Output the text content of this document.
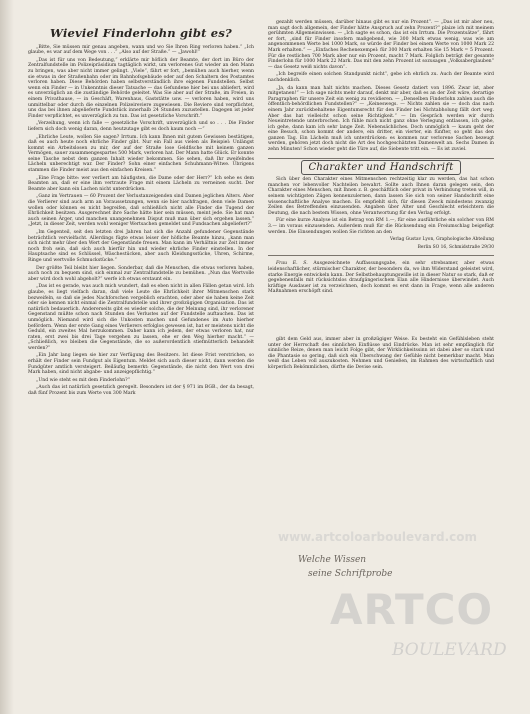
Wieviel Finderlohn gibt es?

„Bitte, Sie müssen mir genau angeben, wann und wo Sie Ihren Ring verloren haben.“ „Ich glaube, es war auf dem Wege von . . .“ „Also auf der Straße.“ — „Jawohl!“

„Das ist für uns von Bedeutung,“ erklärte mir höflich der Beamte, der dort im Büro der Zentralfundstelle im Polizeipräsidium tagtäglich wirkt, um verlorenes Gut wieder an den Mann zu bringen, was aber nicht immer gelingt. „Viele“, fährt er fort, „bemühen auch hierher, wenn sie etwas in der Straßenbahn oder im Bahnhofsgebäude oder auf den Schaltern des Postamtes verloren haben. Diese Behörden haben selbstverständlich ihre eigenen Fundstellen. Selbst wenn ein Finder — in Unkenntnis dieser Tatsache — das Gefundene hier bei uns abliefert, wird es unverzüglich an die zuständige Behörde geleitet. Was Sie aber auf der Straße, im Freien, in einem Privathause, — in Geschäft, Warenhaus, Gaststätte usw. — verloren haben, wird uns unmittelbar oder durch die einzelnen Polizeireviere zugewiesen. Die Reviere sind verpflichtet, uns das bei ihnen abgelieferte Fundstück innerhalb 24 Stunden zuzustellen. Dagegen ist jeder Finder verpflichtet, es unverzüglich zu tun. Das ist gesetzliche Vorschrift.“

„Verzeihung, wenn ich falle — gesetzliche Vorschrift, unverzüglich und so . . . Die Finder liefern sich doch wenig daran, denn heutzutage gibt es doch kaum noch —“

„Ehrliche Leute, wollen Sie sagen? Irrtum. Ich kann Ihnen mit gutem Gewissen bestätigen, daß es auch heute noch ehrliche Finder gibt. Nur ein Fall aus vielen als Beispiel: Unlängst kommt ein Arbeitslosen zu mir, der auf der Straße lose Geldfische mit keinem ganzen Vermögen, sauer zusammengespartes 500 Mark, verloren hat. Der Mann hatte Glück. Er konnte seine Tasche nebst dem ganzen Inhalt wieder bekommen. Sie sehen, daß Ihr zweifelndes Lächeln unberechtigt war. Der Finder? Sohn einer einfachen Schuhmann-Witwe. Übrigens stammen die Finder meist aus den einfachen Kreisen.“

„Eine Frage bitte: wer verliert am häufigsten, die Dame oder der Herr?“ Ich sehe es dem Beamten an, daß er eine ihm vertraute Frage mit einem Lächeln zu verneinen sucht. Der Beamte aber kann ein Lachen nicht unterdrücken.

„Ganz im Vertrauen — 60 Prozent der Verlustanzeigenden sind Damen jeglichen Alters. Aber die Verlierer sind auch arm an Voraussetzungen, wenn sie hier nachfragen, denn viele Damen wollen oder können es nicht begreifen, daß schließlich nicht alle Finder die Tugend der Ehrlichkeit besitzen. Ausgerechnet ihre Sache hätte hier sein müssen, meint jede. Sie hat man auch seinen Ärger, und manchen unangenehmen Disput muß man über sich ergehen lassen.“ „Jetzt, in dieser Zeit, werden wohl weniger Wertsachen gemeldet und Fundsachen abgeliefert?“

„Im Gegenteil, seit den letzten drei Jahren hat sich die Anzahl gefundener Gegenstände beträchtlich vervielfacht. Allerdings fügte etwas leiser der höfliche Beamte hinzu, „kann man sich nicht mehr über den Wert der Gegenstände freuen. Man kann im Verhältnis zur Zeit immer noch froh sein, daß sich auch hierfür hin und wieder ehrliche Finder einstellen. In der Hauptsache sind es Schlüssel, Wäschestücken, aber auch Kleidungsstücke, Uhren, Schirme, Ringe und wertvolle Schmuckstücke.“

Der größte Teil bleibt hier liegen. Sonderbar, daß die Menschen, die etwas verloren haben, auch noch zu bequem sind, sich einmal zur Zentralfundstelle zu bemühen. „Nun das Wertvolle aber wird doch wohl abgeholt?“ werfe ich etwas erstaunt ein.

„Das ist es gerade, was auch mich wundert, daß es eben nicht in allen Fällen getan wird. Ich glaube, es liegt vielfach daran, daß viele Leute die Ehrlichkeit ihrer Mitmenschen stark bezweifeln, so daß sie jedes Nachforschen vergeblich erachten, oder aber sie haben keine Zeit oder sie kennen nicht einmal die Zentralfundstelle und ihrer großzügigen Organisation. Das ist natürlich bedauerlich. Andererseits gibt es wieder solche, die der Meinung sind, ihr verlorener Gegenstand müßte schon nach Stunden des Verlustes auf der Fundstelle auftauchen. Das ist unmöglich. Niemand wird sich die Unkosten machen und Gefundenes im Auto hierher befördern. Wenn der erste Gang eines Verlierers erfolglos gewesen ist, hat er meistens nicht die Geduld, ein zweites Mal herzukommen. Daher kann ich jedem, der etwas verloren hat, nur raten, erst zwei bis drei Tage vergehen zu lassen, ehe er den Weg hierher macht.“ — „Schließlich, wo bleiben die Gegenstände, die so außerordentlich stiefmütterlich behandelt werden?“

„Ein Jahr lang liegen sie hier zur Verfügung des Besitzers. Ist diese Frist verstrichen, so erhält der Finder sein Fundgut als Eigentum. Meldet sich auch dieser nicht, dann werden die Fundgüter amtlich versteigert. Beiläufig bemerkt: Gegenstände, die nicht den Wert von drei Mark haben, sind nicht abgabe- und anzeigepflichtig.“

„Und wie steht es mit dem Finderlohn?“

„Auch das ist natürlich gesetzlich geregelt. Besonders ist der § 971 im BGB., der da besagt, daß fünf Prozent bis zum Werte von 300 Mark

gezahlt werden müssen, darüber hinaus gibt es nur ein Prozent“. — „Das ist mir aber neu, man sagt doch allgemein, der Finder hätte Anspruch auf zehn Prozent?“ plaize ich mit meinem gerühmten Allgemeinwissen. — „Ich sagte es schon, das ist ein Irrtum. Die Prozentsätze“, fährt er fort, „sind für Finder insofern maßgebend, wie 300 Mark etwas wenig, was wie am angenommenen Werte bei 1000 Mark, so würde der Finder bei einem Werte von 1000 Mark 22 Mark erhalten.“ — „Einfaches Rechenexempel: für 300 Mark erhalten Sie 15 Mark = 5 Prozent. Für die restlichen 700 Mark aber nur ein Prozent, macht 7 Mark. Folglich beträgt der gesamte Finderlohn für 1000 Mark 22 Mark. Das mit den zehn Prozent ist sozusagen „Volksaberglauben“ — das Gesetz weiß nichts davon“.

„Ich begreife einen solchen Standpunkt nicht“, gebe ich ehrlich zu. Auch der Beamte wird nachdenklich.

„Ja, da kann man halt nichts machen. Dieses Gesetz datiert von 1896. Zwar ist, aber mitgetanen!“ — Ich sage nichts mehr darauf, denkt mir aber, daß es an der Zeit wäre, derartige Paragraphen für unsere Zeit ein wenig zu revidieren. — „Denselben Finderlohn zahlen auch die öffentlich-behördlichen Fundstellen?“ — „Keineswegs. — Nichts zahlen sie — doch das nach einem Jahr zurückbehaltene Eigentumsrecht für den Finder bei Nichtabholung fällt dort weg. Aber das hat vielleicht schon seine Richtigkeit.“ — Im Gespräch werden wir durch Neueintretende unterbrochen. Ich fühle mich nicht ganz ohne Verlegung entlassen, ich gehe, ich gehe, dann kam ich sehr lange Zeit. Nebensächliches. Doch unmöglich — kaum geht der eine Besuch, schon kommt der andere, ein dritter, ein vierter, ein fünfter, so geht das den ganzen Tag. Ein Lächeln muß ich unterdrücken: es kommen nur verlorene Sachen bezeugt werden, gehören jetzt doch nicht die Art des hochgeschätzten Damenwelt an. Sechs Damen in zehn Minuten! Schon wieder geht die Türe auf, die Siebente tritt ein. — Es ist zuviel.

Charakter und Handschrift

Sich über den Charakter eines Mitmenschen rechtzeitig klar zu werden, das hat schon manchen vor lebenvoller Nachteilen bewahrt. Sollte auch Ihnen daran gelegen sein, den Charakter eines Menschen, mit Ihnen z. B. geschäftlich oder privat in Verbindung treten will, in seinem wichtigsten Zügen kennenzulernen, dann lassen Sie sich von seiner Handschrift eine wissenschaftliche Analyse machen. Es empfiehlt sich, für diesen Zweck mindestens zwanzig Zeilen des Betreffenden einzusenden. Angaben über Alter und Geschlecht erleichtern die Deutung, die nach bestem Wissen, ohne Verantwortung für den Verlag erfolgt.

Für eine kurze Analyse ist ein Betrag von RM 1.—, für eine ausführliche ein solcher von RM 3.— im voraus einzusenden. Außerdem muß für die Rücksendung ein Freiumschlag beigefügt werden. Die Einsendungen wollen Sie richten an den

Verlag Gustav Lyon, Graphologische Abteilung
Berlin SO 16, Schmidstraße 29/30

Frau E. S. Ausgezeichnete Auffassungsgabe, ein sehr strebsamer, aber etwas leidenschaftlicher, stürmischer Charakter, der besonders da, wo ihm Widerstand geleistet wird, starke Energie entwickeln kann. Der Selbstbehauptungswille ist in dieser Natur so stark, daß er gegebenenfalls mit rücksichtslos draufgängerischem Elan alle Hindernisse überwindet. Auch kräftige Ausdauer ist zu verzeichnen, doch kommt es erst dann in Frage, wenn alle anderen Maßnahmen erschöpft sind.

gibt dem Geld aus, immer aber in großzügiger Weise. Es besteht ein Gefühlsleben steht unter der Herrschaft des sinnlichen Einflüsse und Eindrücke. Man ist sehr empfänglich für sinnliche Reize, denen man leicht Folge gibt, der Wirklichkeitssinn ist dabei aber so stark und die Phantasie so gering, daß sich ein Überschwang der Gefühle nicht bemerkbar macht. Man weiß das Leben voll auszukosten. Nehmen und Genießen, im Rahmen des wirtschaftlich und körperlich Bekömmlichen, dürfte die Devise sein.

Welche Wissen
seine Schriftprobe
www.artcoloarboulevard.com
ARTCO
BOULEVARD
